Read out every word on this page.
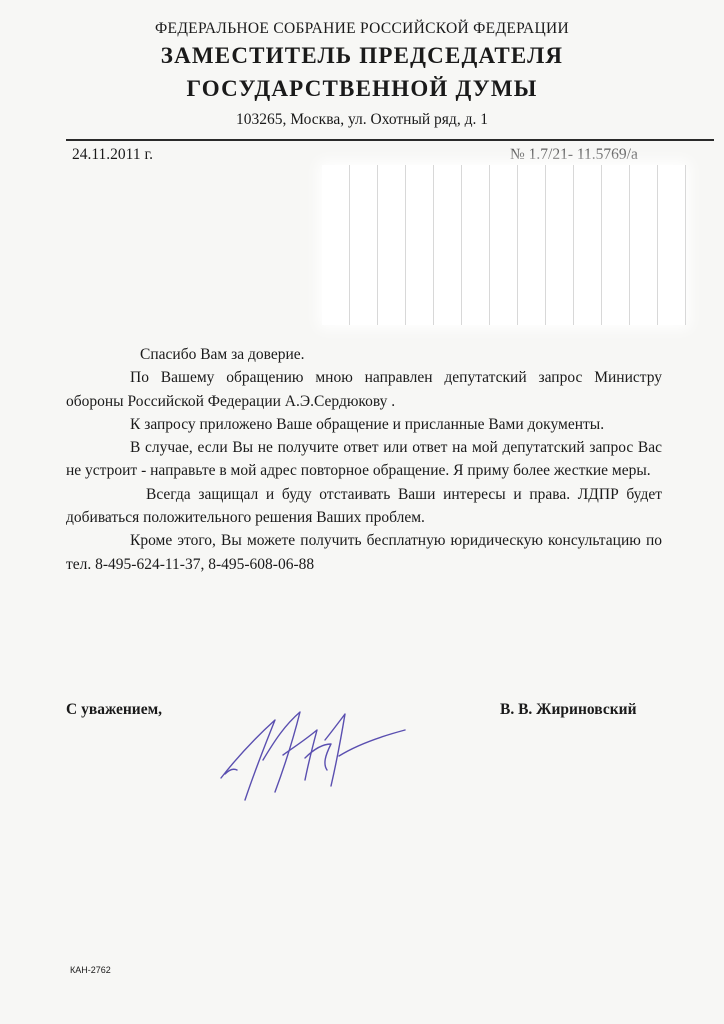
ФЕДЕРАЛЬНОЕ СОБРАНИЕ РОССИЙСКОЙ ФЕДЕРАЦИИ
ЗАМЕСТИТЕЛЬ ПРЕДСЕДАТЕЛЯ
ГОСУДАРСТВЕННОЙ ДУМЫ
103265, Москва, ул. Охотный ряд, д. 1
24.11.2011 г.	№ 1.7/21- 11.5769/а

Спасибо Вам за доверие.

По Вашему обращению мною направлен депутатский запрос Министру обороны Российской Федерации А.Э.Сердюкову .

К запросу приложено Ваше обращение и присланные Вами документы.

В случае, если Вы не получите ответ или ответ на мой депутатский запрос Вас не устроит - направьте в мой адрес повторное обращение. Я приму более жесткие меры.

Всегда защищал и буду отстаивать Ваши интересы и права. ЛДПР будет добиваться положительного решения Ваших проблем.

Кроме этого, Вы можете получить бесплатную юридическую консультацию по тел. 8-495-624-11-37, 8-495-608-06-88

С уважением,	В. В. Жириновский
КАН-2762
